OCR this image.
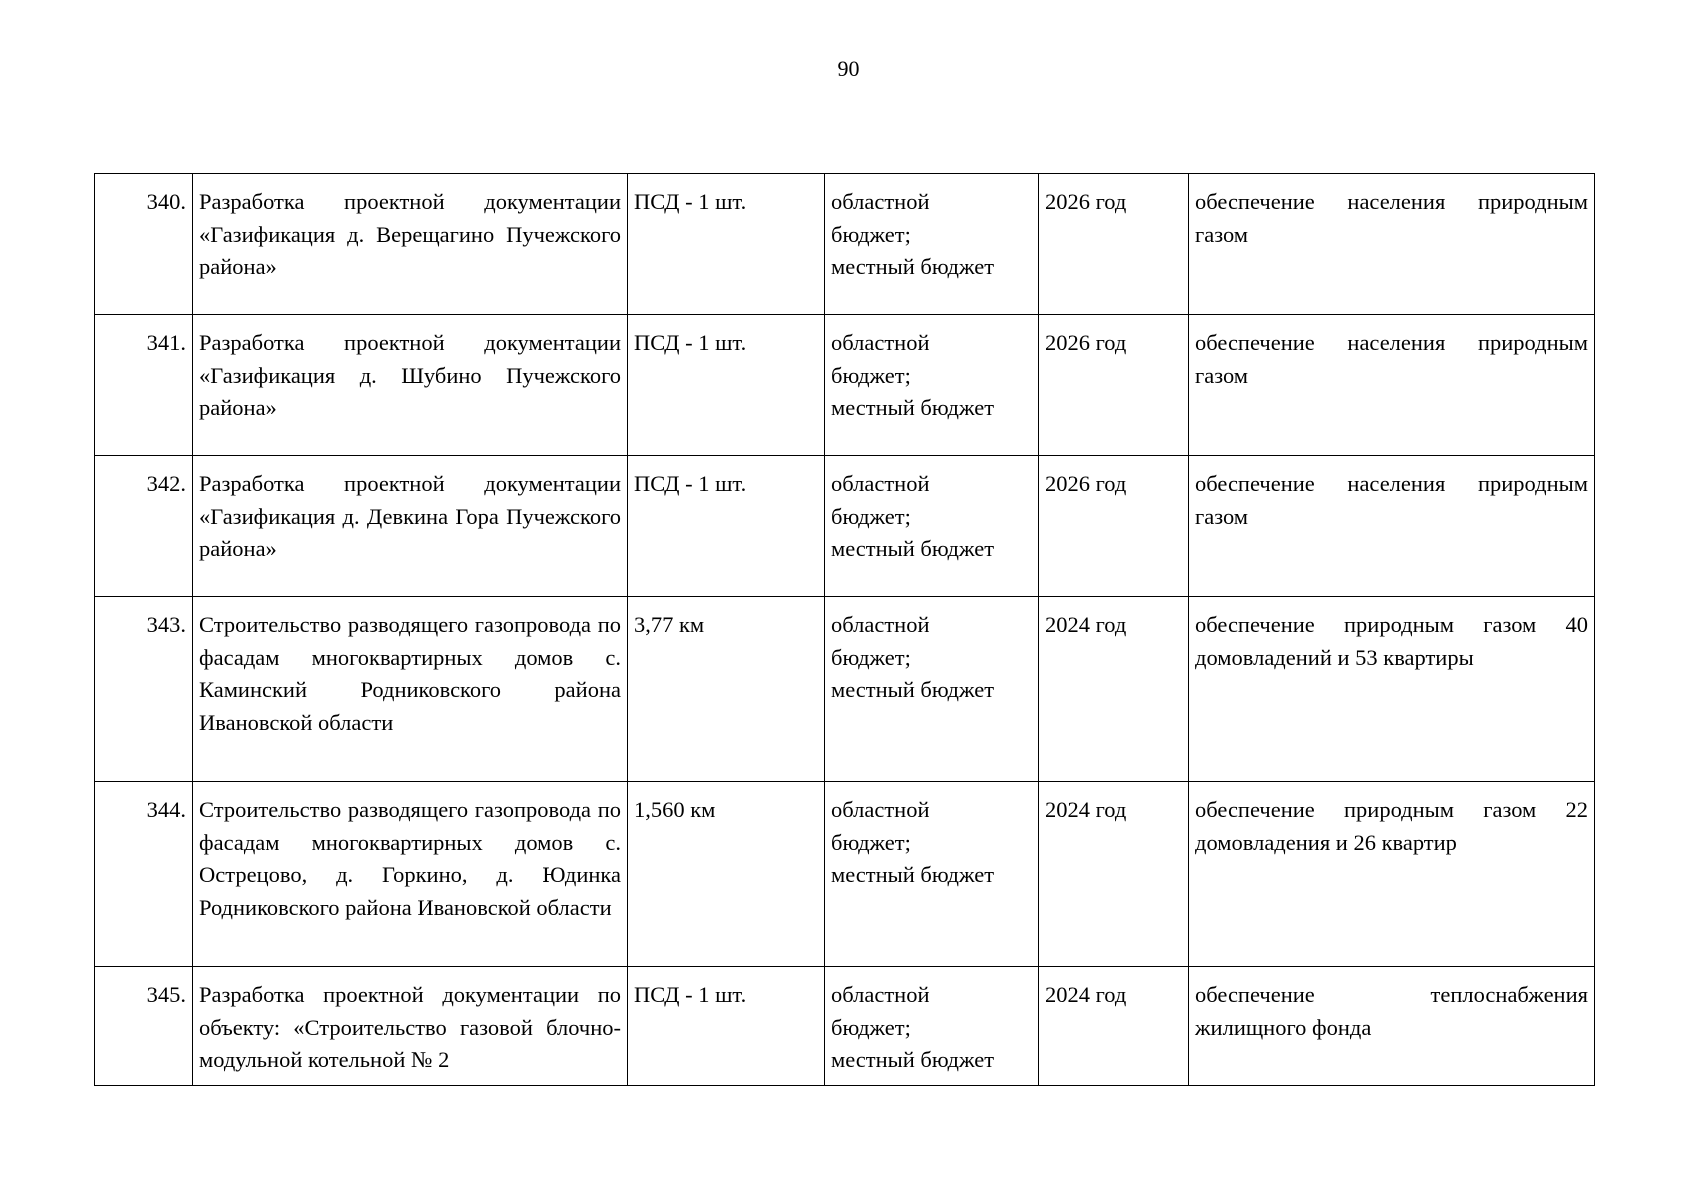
90
340.	Разработка проектной документации «Газификация д. Верещагино Пучежского района»	ПСД - 1 шт.	областной
бюджет;
местный бюджет	2026 год	обеспечение населения природным газом
341.	Разработка проектной документации «Газификация д. Шубино Пучежского района»	ПСД - 1 шт.	областной
бюджет;
местный бюджет	2026 год	обеспечение населения природным газом
342.	Разработка проектной документации «Газификация д. Девкина Гора Пучежского района»	ПСД - 1 шт.	областной
бюджет;
местный бюджет	2026 год	обеспечение населения природным газом
343.	Строительство разводящего газопровода по фасадам многоквартирных домов с. Каминский Родниковского района Ивановской области	3,77 км	областной
бюджет;
местный бюджет	2024 год	обеспечение природным газом 40 домовладений и 53 квартиры
344.	Строительство разводящего газопровода по фасадам многоквартирных домов с. Острецово, д. Горкино, д. Юдинка Родниковского района Ивановской области	1,560 км	областной
бюджет;
местный бюджет	2024 год	обеспечение природным газом 22 домовладения и 26 квартир
345.	Разработка проектной документации по объекту: «Строительство газовой блочно-модульной котельной № 2	ПСД - 1 шт.	областной
бюджет;
местный бюджет	2024 год	обеспечение теплоснабжения жилищного фонда
